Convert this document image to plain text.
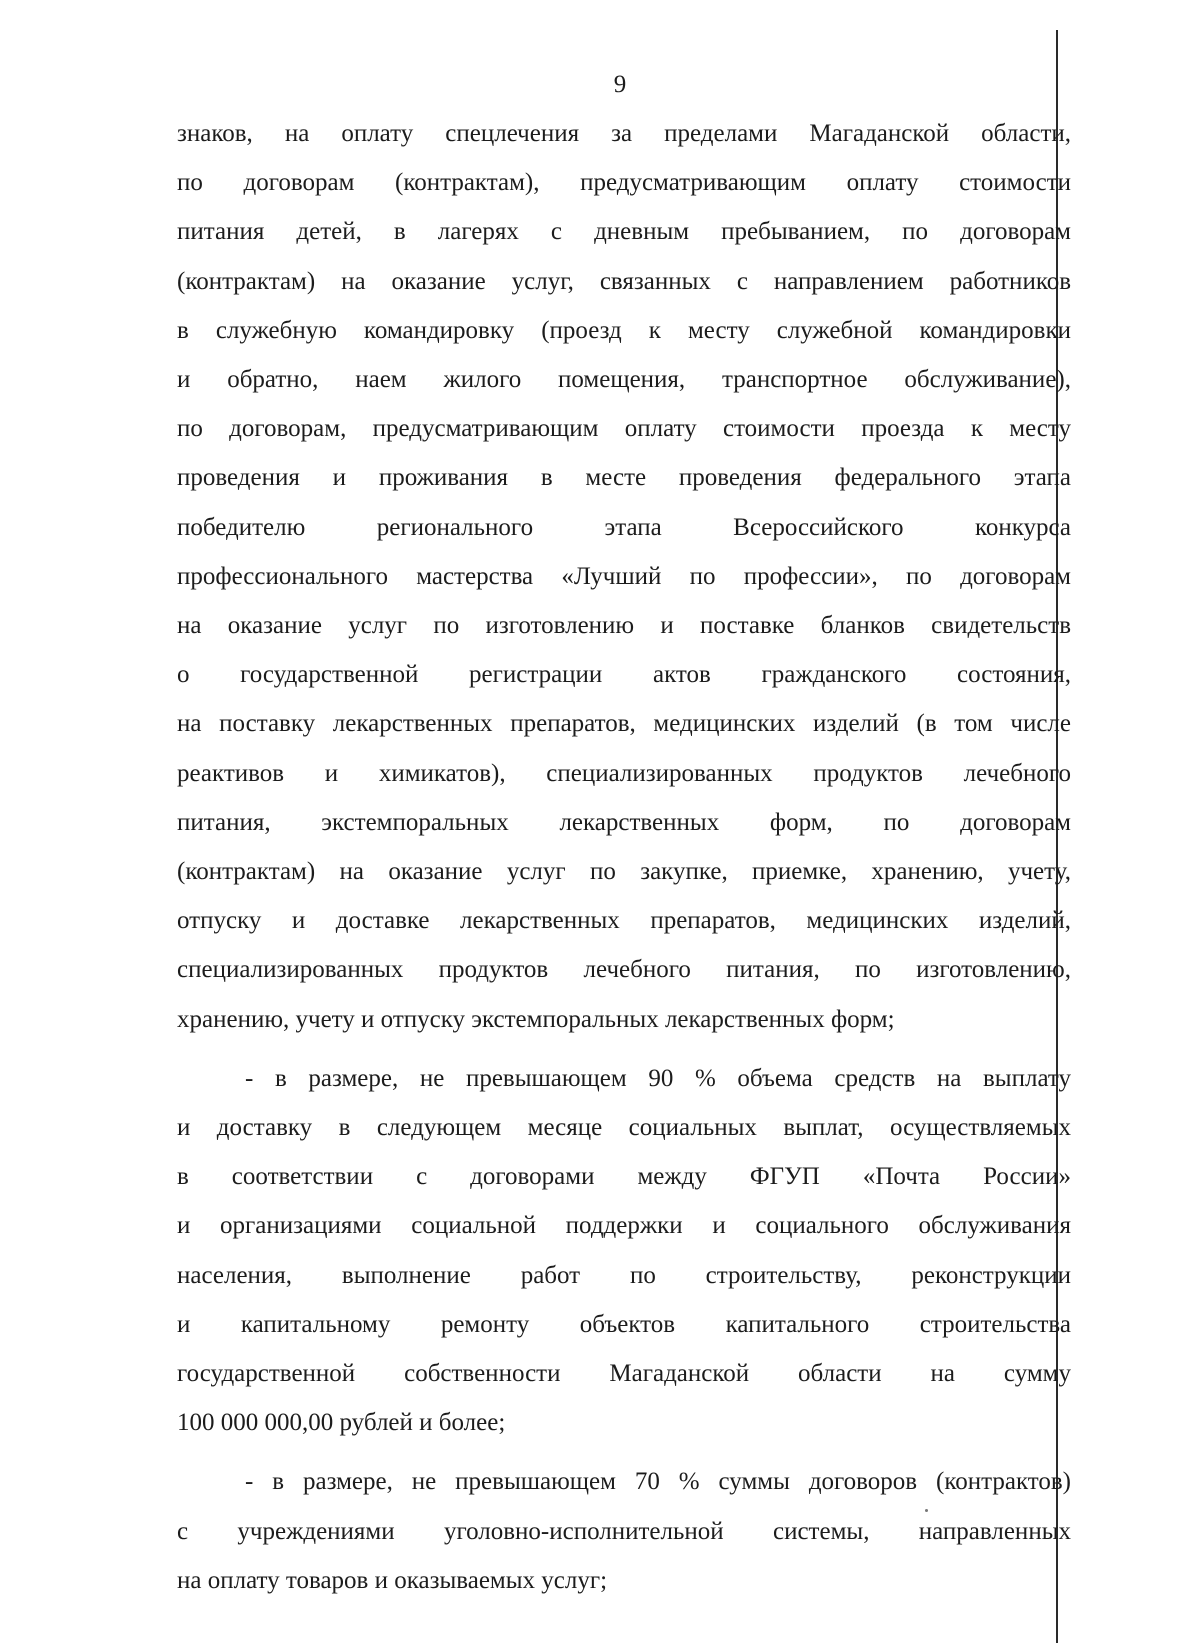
9

знаков, на оплату спецлечения за пределами Магаданской области,
по договорам (контрактам), предусматривающим оплату стоимости
питания детей, в лагерях с дневным пребыванием, по договорам
(контрактам) на оказание услуг, связанных с направлением работников
в служебную командировку (проезд к месту служебной командировки
и обратно, наем жилого помещения, транспортное обслуживание),
по договорам, предусматривающим оплату стоимости проезда к месту
проведения и проживания в месте проведения федерального этапа
победителю регионального этапа Всероссийского конкурса
профессионального мастерства «Лучший по профессии», по договорам
на оказание услуг по изготовлению и поставке бланков свидетельств
о государственной регистрации актов гражданского состояния,
на поставку лекарственных препаратов, медицинских изделий (в том числе
реактивов и химикатов), специализированных продуктов лечебного
питания, экстемпоральных лекарственных форм, по договорам
(контрактам) на оказание услуг по закупке, приемке, хранению, учету,
отпуску и доставке лекарственных препаратов, медицинских изделий,
специализированных продуктов лечебного питания, по изготовлению,
хранению, учету и отпуску экстемпоральных лекарственных форм;

- в размере, не превышающем 90 % объема средств на выплату
и доставку в следующем месяце социальных выплат, осуществляемых
в соответствии с договорами между ФГУП «Почта России»
и организациями социальной поддержки и социального обслуживания
населения, выполнение работ по строительству, реконструкции
и капитальному ремонту объектов капитального строительства
государственной собственности Магаданской области на сумму
100 000 000,00 рублей и более;

- в размере, не превышающем 70 % суммы договоров (контрактов)
с учреждениями уголовно-исполнительной системы, направленных
на оплату товаров и оказываемых услуг;
